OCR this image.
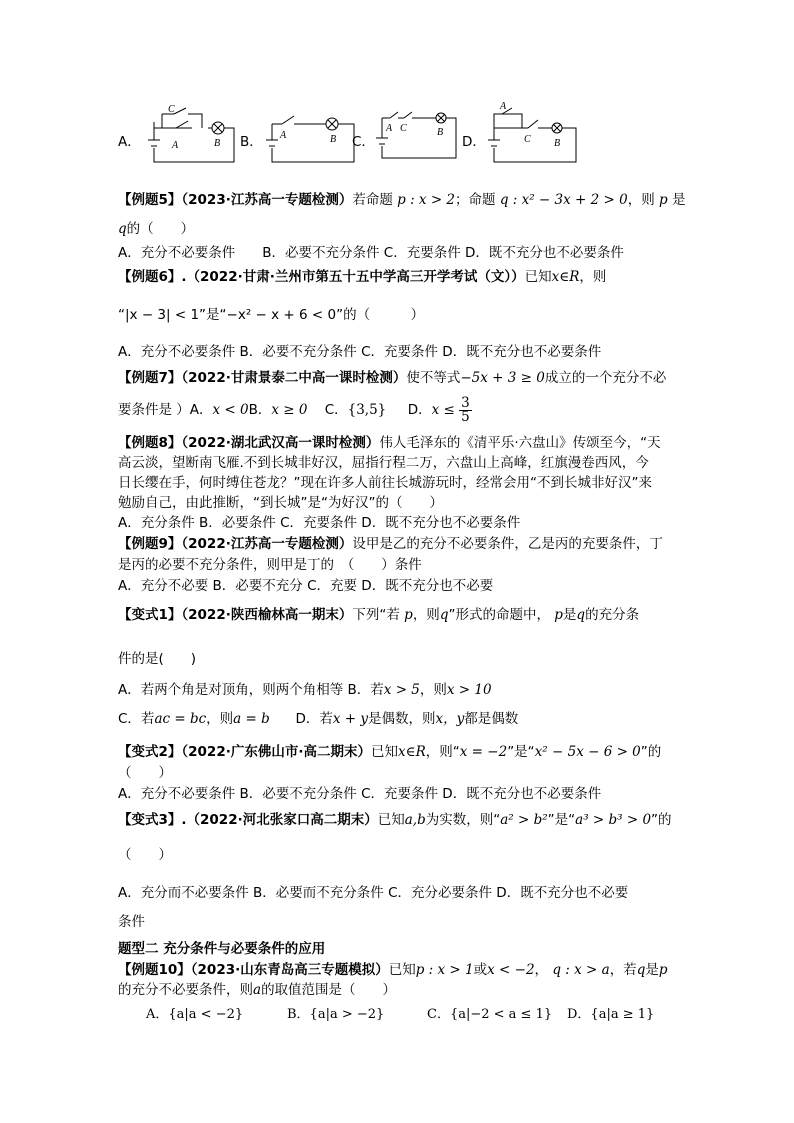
A．
C
A	B B． A	B C．
A C	B
D．
A
C B
【例题5】（2023·江苏高一专题检测）若命题 p : x > 2；命题 q : x² − 3x + 2 > 0，则 p 是
q的（　　）
A．充分不必要条件　　B．必要不充分条件 C．充要条件 D．既不充分也不必要条件
【例题6】.（2022·甘肃·兰州市第五十五中学高三开学考试（文））已知x∈R，则
“|x − 3| < 1”是“−x² − x + 6 < 0”的（　　　）
A．充分不必要条件 B．必要不充分条件 C．充要条件 D．既不充分也不必要条件
【例题7】（2022·甘肃景泰二中高一课时检测）使不等式−5x + 3 ≥ 0成立的一个充分不必
要条件是 ）A．x < 0B．x ≥ 0 C．{3,5} D．$x \le \frac{3}{5}$
【例题8】（2022·湖北武汉高一课时检测）伟人毛泽东的《清平乐·六盘山》传颂至今，“天
高云淡，望断南飞雁.不到长城非好汉，屈指行程二万，六盘山上高峰，红旗漫卷西风，今
日长缨在手，何时缚住苍龙？”现在许多人前往长城游玩时，经常会用“不到长城非好汉”来
勉励自己，由此推断，“到长城”是“为好汉”的（　　）
A．充分条件 B．必要条件 C．充要条件 D．既不充分也不必要条件
【例题9】（2022·江苏高一专题检测）设甲是乙的充分不必要条件，乙是丙的充要条件，丁
是丙的必要不充分条件，则甲是丁的　（　　）条件
A．充分不必要 B．必要不充分 C．充要 D．既不充分也不必要
【变式1】（2022·陕西榆林高一期末）下列“若 p，则q”形式的命题中， p是q的充分条
件的是(　　)
A．若两个角是对顶角，则两个角相等 B．若x > 5，则x > 10
C．若ac = bc，则a = b D．若x + y是偶数，则x，y都是偶数
【变式2】（2022·广东佛山市·高二期末）已知x∈R，则“x = −2”是“x² − 5x − 6 > 0”的
（　　）
A．充分不必要条件 B．必要不充分条件 C．充要条件 D．既不充分也不必要条件
【变式3】.（2022·河北张家口高二期末）已知a,b为实数，则“a² > b²”是“a³ > b³ > 0”的
（　　）
A．充分而不必要条件 B．必要而不充分条件 C．充分必要条件 D．既不充分也不必要
条件
题型二 充分条件与必要条件的应用
【例题10】（2023·山东青岛高三专题模拟）已知p : x > 1或x < −2， q : x > a，若q是p
的充分不必要条件，则a的取值范围是（　　）
A．{a|a < −2}	B．{a|a > −2}	C．{a|−2 < a ≤ 1} D．{a|a ≥ 1}
